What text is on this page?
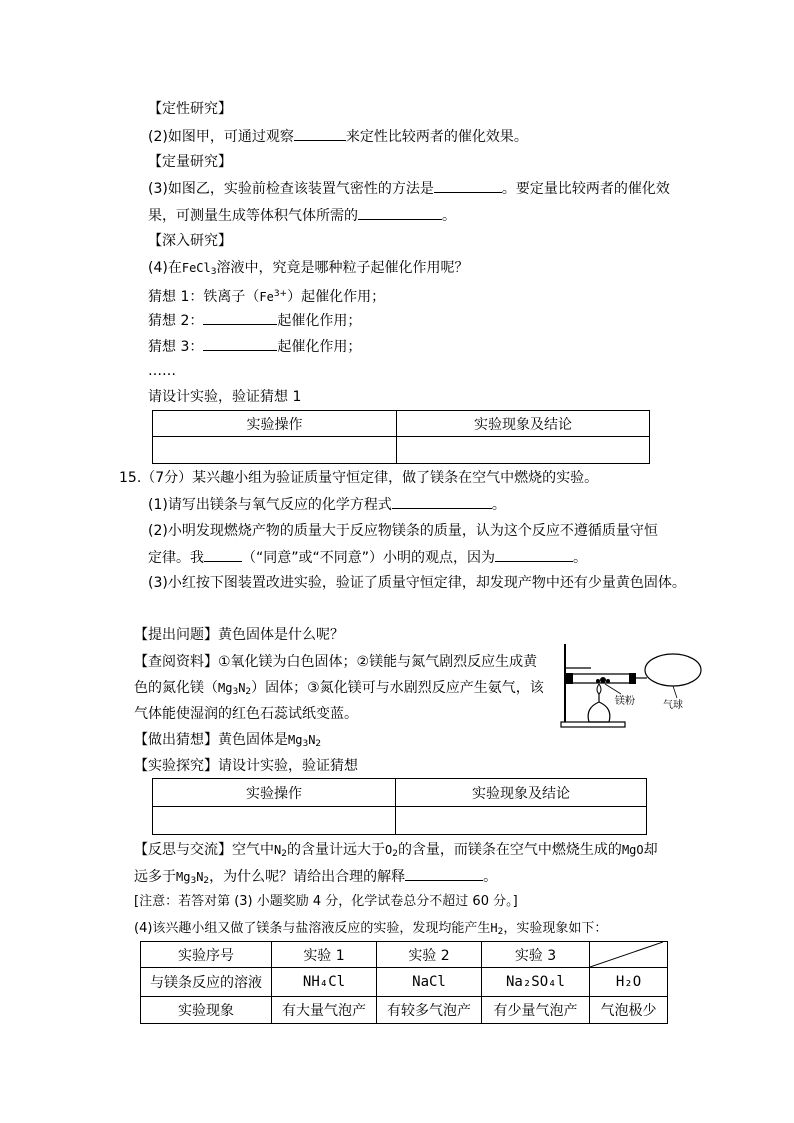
【定性研究】
(2)如图甲，可通过观察	来定性比较两者的催化效果。
【定量研究】
(3)如图乙，实验前检查该装置气密性的方法是	。要定量比较两者的催化效
果，可测量生成等体积气体所需的	。
【深入研究】
(4)在FeCl$_3$溶液中，究竟是哪种粒子起催化作用呢？
猜想 1：铁离子$(Fe^{3+})$起催化作用；
猜想 2：	起催化作用；
猜想 3：	起催化作用；
……
请设计实验，验证猜想 1
实验操作	实验现象及结论

15.（7分）某兴趣小组为验证质量守恒定律，做了镁条在空气中燃烧的实验。
(1)请写出镁条与氧气反应的化学方程式	。
(2)小明发现燃烧产物的质量大于反应物镁条的质量，认为这个反应不遵循质量守恒
定律。我	（“同意”或“不同意”）小明的观点，因为	。
(3)小红按下图装置改进实验，验证了质量守恒定律，却发现产物中还有少量黄色固体。
【提出问题】黄色固体是什么呢？
【查阅资料】①氧化镁为白色固体；②镁能与氮气剧烈反应生成黄
色的氮化镁$(Mg_3N_2)$固体；③氮化镁可与水剧烈反应产生氨气，该
气体能使湿润的红色石蕊试纸变蓝。
【做出猜想】黄色固体是$Mg_3N_2$
【实验探究】请设计实验，验证猜想
镁粉	气球
实验操作	实验现象及结论

【反思与交流】空气中$N_2$的含量计远大于$O_2$的含量，而镁条在空气中燃烧生成的MgO却
远多于$Mg_3N_2$，为什么呢？请给出合理的解释	。
[注意：若答对第 (3) 小题奖励 4 分，化学试卷总分不超过 60 分。]
(4)该兴趣小组又做了镁条与盐溶液反应的实验，发现均能产生$H_2$，实验现象如下：
实验序号	实验 1	实验 2	实验 3	

与镁条反应的溶液	NH₄Cl	NaCl	Na₂SO₄l	H₂O
实验现象	有大量气泡产	有较多气泡产	有少量气泡产	气泡极少
